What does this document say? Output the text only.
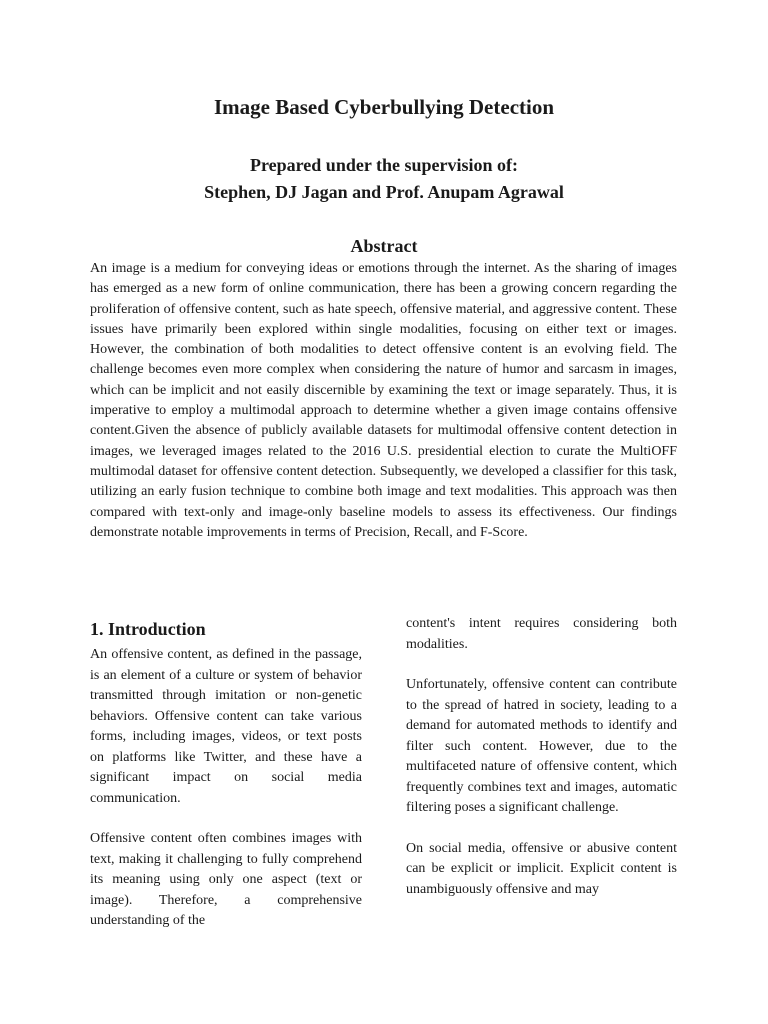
Image Based Cyberbullying Detection
Prepared under the supervision of:
Stephen, DJ Jagan and Prof. Anupam Agrawal
Abstract

An image is a medium for conveying ideas or emotions through the internet. As the sharing of images has emerged as a new form of online communication, there has been a growing concern regarding the proliferation of offensive content, such as hate speech, offensive material, and aggressive content. These issues have primarily been explored within single modalities, focusing on either text or images. However, the combination of both modalities to detect offensive content is an evolving field. The challenge becomes even more complex when considering the nature of humor and sarcasm in images, which can be implicit and not easily discernible by examining the text or image separately. Thus, it is imperative to employ a multimodal approach to determine whether a given image contains offensive content.Given the absence of publicly available datasets for multimodal offensive content detection in images, we leveraged images related to the 2016 U.S. presidential election to curate the MultiOFF multimodal dataset for offensive content detection. Subsequently, we developed a classifier for this task, utilizing an early fusion technique to combine both image and text modalities. This approach was then compared with text-only and image-only baseline models to assess its effectiveness. Our findings demonstrate notable improvements in terms of Precision, Recall, and F-Score.

1. Introduction

An offensive content, as defined in the passage, is an element of a culture or system of behavior transmitted through imitation or non-genetic behaviors. Offensive content can take various forms, including images, videos, or text posts on platforms like Twitter, and these have a significant impact on social media communication.

Offensive content often combines images with text, making it challenging to fully comprehend its meaning using only one aspect (text or image). Therefore, a comprehensive understanding of the

content's intent requires considering both modalities.

Unfortunately, offensive content can contribute to the spread of hatred in society, leading to a demand for automated methods to identify and filter such content. However, due to the multifaceted nature of offensive content, which frequently combines text and images, automatic filtering poses a significant challenge.

On social media, offensive or abusive content can be explicit or implicit. Explicit content is unambiguously offensive and may
